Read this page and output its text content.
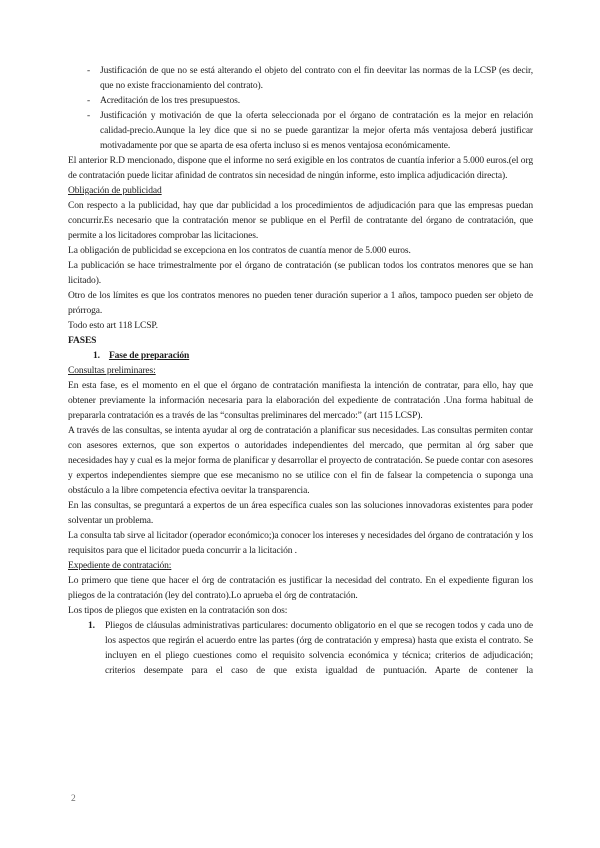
- Justificación de que no se está alterando el objeto del contrato con el fin deevitar las normas de la LCSP (es decir, que no existe fraccionamiento del contrato).
- Acreditación de los tres presupuestos.
- Justificación y motivación de que la oferta seleccionada por el órgano de contratación es la mejor en relación calidad-precio.Aunque la ley dice que si no se puede garantizar la mejor oferta más ventajosa deberá justificar motivadamente por que se aparta de esa oferta incluso si es menos ventajosa económicamente.

El anterior R.D mencionado, dispone que el informe no será exigible en los contratos de cuantía inferior a 5.000 euros.(el org de contratación puede licitar afinidad de contratos sin necesidad de ningún informe, esto implica adjudicación directa).

Obligación de publicidad

Con respecto a la publicidad, hay que dar publicidad a los procedimientos de adjudicación para que las empresas puedan concurrir.Es necesario que la contratación menor se publique en el Perfil de contratante del órgano de contratación, que permite a los licitadores comprobar las licitaciones.

La obligación de publicidad se excepciona en los contratos de cuantía menor de 5.000 euros.

La publicación se hace trimestralmente por el órgano de contratación (se publican todos los contratos menores que se han licitado).

Otro de los límites es que los contratos menores no pueden tener duración superior a 1 años, tampoco pueden ser objeto de prórroga.

Todo esto art 118 LCSP.

FASES

1. Fase de preparación

Consultas preliminares:

En esta fase, es el momento en el que el órgano de contratación manifiesta la intención de contratar, para ello, hay que obtener previamente la información necesaria para la elaboración del expediente de contratación .Una forma habitual de prepararla contratación es a través de las “consultas preliminares del mercado:” (art 115 LCSP).

A través de las consultas, se intenta ayudar al org de contratación a planificar sus necesidades. Las consultas permiten contar con asesores externos, que son expertos o autoridades independientes del mercado, que permitan al órg saber que necesidades hay y cual es la mejor forma de planificar y desarrollar el proyecto de contratación. Se puede contar con asesores y expertos independientes siempre que ese mecanismo no se utilice con el fin de falsear la competencia o suponga una obstáculo a la libre competencia efectiva oevitar la transparencia.

En las consultas, se preguntará a expertos de un área específica cuales son las soluciones innovadoras existentes para poder solventar un problema.

La consulta tab sirve al licitador (operador económico;)a conocer los intereses y necesidades del órgano de contratación y los requisitos para que el licitador pueda concurrir a la licitación .

Expediente de contratación:

Lo primero que tiene que hacer el órg de contratación es justificar la necesidad del contrato. En el expediente figuran los pliegos de la contratación (ley del contrato).Lo aprueba el órg de contratación.

Los tipos de pliegos que existen en la contratación son dos:

1. Pliegos de cláusulas administrativas particulares: documento obligatorio en el que se recogen todos y cada uno de los aspectos que regirán el acuerdo entre las partes (órg de contratación y empresa) hasta que exista el contrato. Se incluyen en el pliego cuestiones como el requisito solvencia económica y técnica; criterios de adjudicación; criterios desempate para el caso de que exista igualdad de puntuación. Aparte de contener la
2
